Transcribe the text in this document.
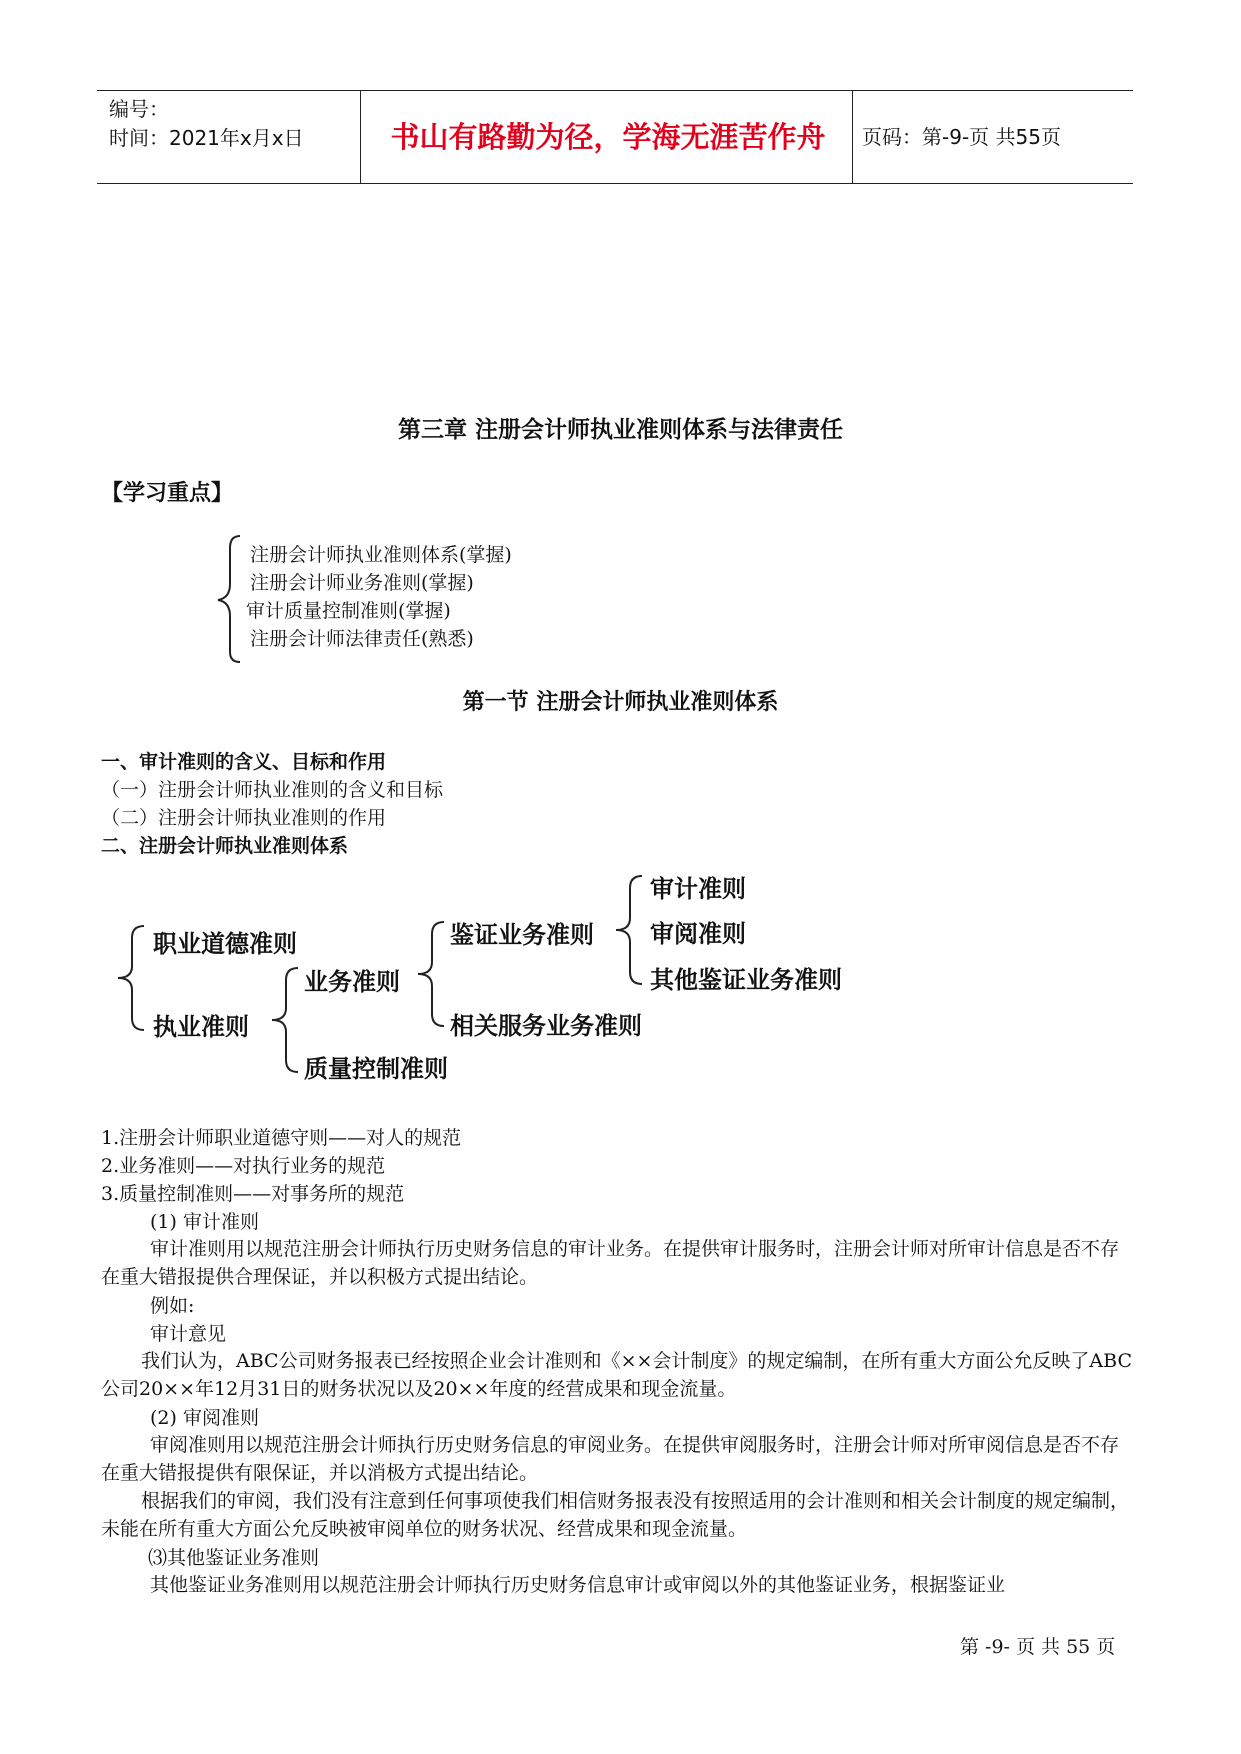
编号：
时间：2021年x月x日	书山有路勤为径，学海无涯苦作舟	页码：第-9-页 共55页
第三章 注册会计师执业准则体系与法律责任
【学习重点】
注册会计师执业准则体系(掌握)
注册会计师业务准则(掌握)
审计质量控制准则(掌握)
注册会计师法律责任(熟悉)
第一节 注册会计师执业准则体系
一、审计准则的含义、目标和作用
（一）注册会计师执业准则的含义和目标
（二）注册会计师执业准则的作用
二、注册会计师执业准则体系
职业道德准则
执业准则
业务准则
质量控制准则
鉴证业务准则
相关服务业务准则
审计准则
审阅准则
其他鉴证业务准则
1.注册会计师职业道德守则——对人的规范
2.业务准则——对执行业务的规范
3.质量控制准则——对事务所的规范
(1) 审计准则
审计准则用以规范注册会计师执行历史财务信息的审计业务。在提供审计服务时，注册会计师对所审计信息是否不存在重大错报提供合理保证，并以积极方式提出结论。
例如:
审计意见
我们认为，ABC公司财务报表已经按照企业会计准则和《××会计制度》的规定编制，在所有重大方面公允反映了ABC公司20××年12月31日的财务状况以及20××年度的经营成果和现金流量。
(2) 审阅准则
审阅准则用以规范注册会计师执行历史财务信息的审阅业务。在提供审阅服务时，注册会计师对所审阅信息是否不存在重大错报提供有限保证，并以消极方式提出结论。
根据我们的审阅，我们没有注意到任何事项使我们相信财务报表没有按照适用的会计准则和相关会计制度的规定编制，未能在所有重大方面公允反映被审阅单位的财务状况、经营成果和现金流量。
⑶其他鉴证业务准则
其他鉴证业务准则用以规范注册会计师执行历史财务信息审计或审阅以外的其他鉴证业务，根据鉴证业
第 -9- 页 共 55 页
